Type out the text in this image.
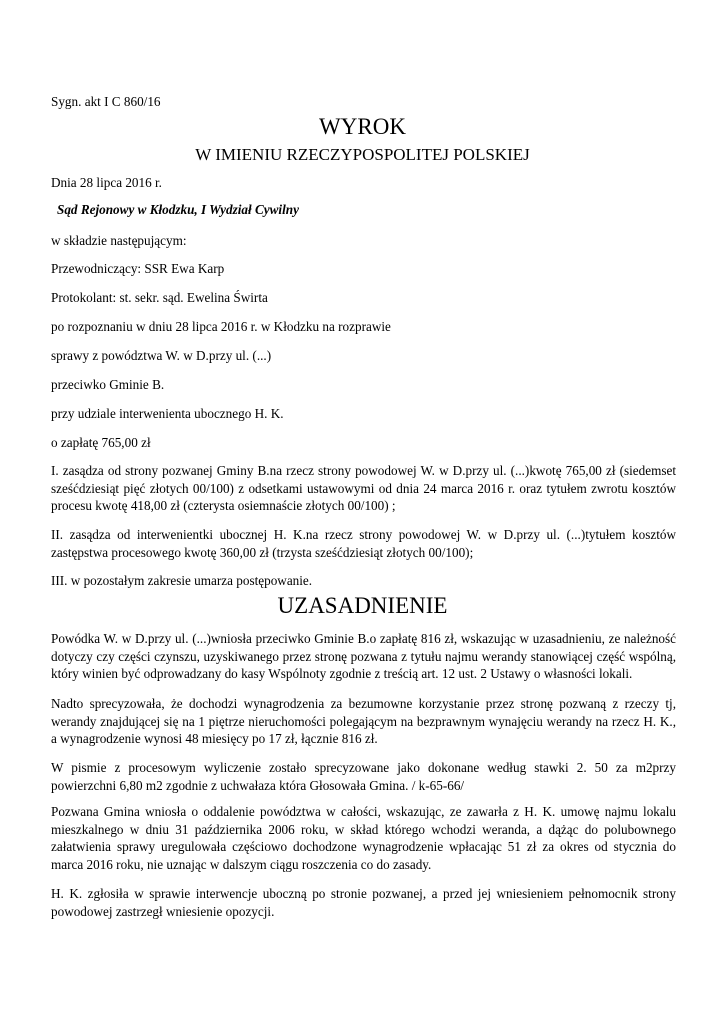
Sygn. akt I C 860/16
WYROK
W IMIENIU RZECZYPOSPOLITEJ POLSKIEJ
Dnia 28 lipca 2016 r.
Sąd Rejonowy w Kłodzku, I Wydział Cywilny
w składzie następującym:
Przewodniczący: SSR Ewa Karp
Protokolant: st. sekr. sąd. Ewelina Świrta
po rozpoznaniu w dniu 28 lipca 2016 r. w Kłodzku na rozprawie
sprawy z powództwa W. w D.przy ul. (...)
przeciwko Gminie B.
przy udziale interwenienta ubocznego H. K.
o zapłatę 765,00 zł
I. zasądza od strony pozwanej Gminy B.na rzecz strony powodowej W. w D.przy ul. (...)kwotę 765,00 zł (siedemset sześćdziesiąt pięć złotych 00/100) z odsetkami ustawowymi od dnia 24 marca 2016 r. oraz tytułem zwrotu kosztów procesu kwotę 418,00 zł (czterysta osiemnaście złotych 00/100) ;
II. zasądza od interwenientki ubocznej H. K.na rzecz strony powodowej W. w D.przy ul. (...)tytułem kosztów zastępstwa procesowego kwotę 360,00 zł (trzysta sześćdziesiąt złotych 00/100);
III. w pozostałym zakresie umarza postępowanie.
UZASADNIENIE
Powódka W. w D.przy ul. (...)wniosła przeciwko Gminie B.o zapłatę 816 zł, wskazując w uzasadnieniu, ze należność dotyczy czy części czynszu, uzyskiwanego przez stronę pozwana z tytułu najmu werandy stanowiącej część wspólną, który winien być odprowadzany do kasy Wspólnoty zgodnie z treścią art. 12 ust. 2 Ustawy o własności lokali.
Nadto sprecyzowała, że dochodzi wynagrodzenia za bezumowne korzystanie przez stronę pozwaną z rzeczy tj, werandy znajdującej się na 1 piętrze nieruchomości polegającym na bezprawnym wynajęciu werandy na rzecz H. K., a wynagrodzenie wynosi 48 miesięcy po 17 zł, łącznie 816 zł.
W pismie z procesowym wyliczenie zostało sprecyzowane jako dokonane według stawki 2. 50 za m2przy powierzchni 6,80 m2 zgodnie z uchwałaza która Głosowała Gmina. / k-65-66/
Pozwana Gmina wniosła o oddalenie powództwa w całości, wskazując, ze zawarła z H. K. umowę najmu lokalu mieszkalnego w dniu 31 października 2006 roku, w skład którego wchodzi weranda, a dążąc do polubownego załatwienia sprawy uregulowała częściowo dochodzone wynagrodzenie wpłacając 51 zł za okres od stycznia do marca 2016 roku, nie uznając w dalszym ciągu roszczenia co do zasady.
H. K. zgłosiła w sprawie interwencje uboczną po stronie pozwanej, a przed jej wniesieniem pełnomocnik strony powodowej zastrzegł wniesienie opozycji.
